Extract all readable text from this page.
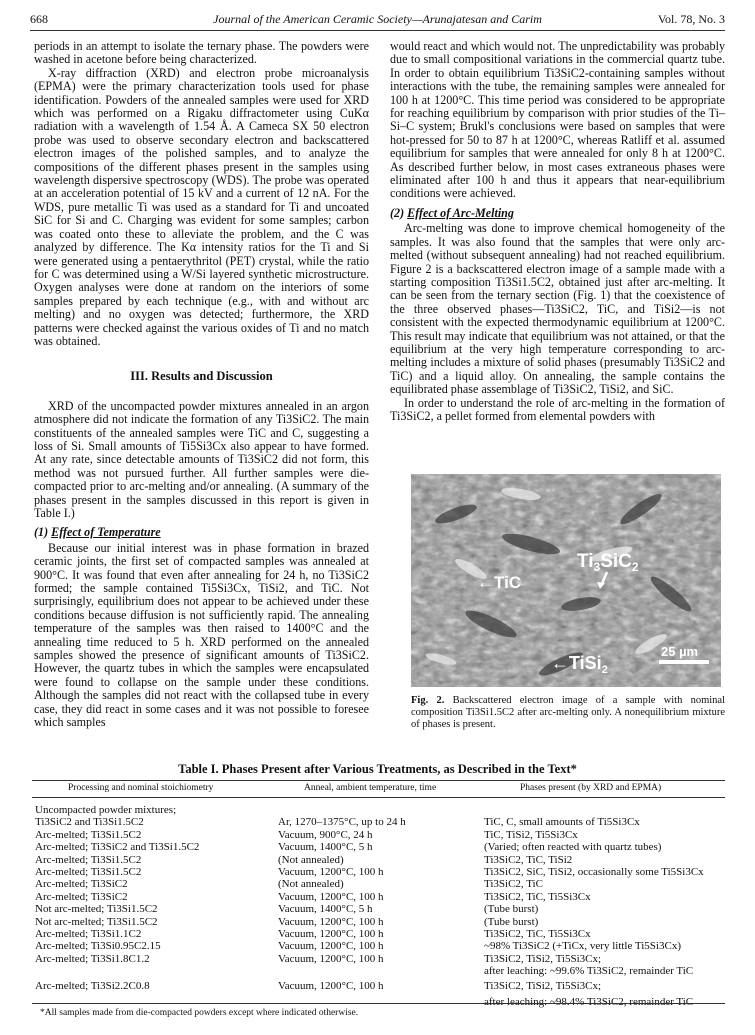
668	Journal of the American Ceramic Society—Arunajatesan and Carim	Vol. 78, No. 3

periods in an attempt to isolate the ternary phase. The powders were washed in acetone before being characterized.

X-ray diffraction (XRD) and electron probe microanalysis (EPMA) were the primary characterization tools used for phase identification. Powders of the annealed samples were used for XRD which was performed on a Rigaku diffractometer using CuKα radiation with a wavelength of 1.54 Å. A Cameca SX 50 electron probe was used to observe secondary electron and backscattered electron images of the polished samples, and to analyze the compositions of the different phases present in the samples using wavelength dispersive spectroscopy (WDS). The probe was operated at an acceleration potential of 15 kV and a current of 12 nA. For the WDS, pure metallic Ti was used as a standard for Ti and uncoated SiC for Si and C. Charging was evident for some samples; carbon was coated onto these to alleviate the problem, and the C was analyzed by difference. The Kα intensity ratios for the Ti and Si were generated using a pentaerythritol (PET) crystal, while the ratio for C was determined using a W/Si layered synthetic microstructure. Oxygen analyses were done at random on the interiors of some samples prepared by each technique (e.g., with and without arc melting) and no oxygen was detected; furthermore, the XRD patterns were checked against the various oxides of Ti and no match was obtained.

III. Results and Discussion

XRD of the uncompacted powder mixtures annealed in an argon atmosphere did not indicate the formation of any Ti3SiC2. The main constituents of the annealed samples were TiC and C, suggesting a loss of Si. Small amounts of Ti5Si3Cx also appear to have formed. At any rate, since detectable amounts of Ti3SiC2 did not form, this method was not pursued further. All further samples were die-compacted prior to arc-melting and/or annealing. (A summary of the phases present in the samples discussed in this report is given in Table I.)

(1) Effect of Temperature

Because our initial interest was in phase formation in brazed ceramic joints, the first set of compacted samples was annealed at 900°C. It was found that even after annealing for 24 h, no Ti3SiC2 formed; the sample contained Ti5Si3Cx, TiSi2, and TiC. Not surprisingly, equilibrium does not appear to be achieved under these conditions because diffusion is not sufficiently rapid. The annealing temperature of the samples was then raised to 1400°C and the annealing time reduced to 5 h. XRD performed on the annealed samples showed the presence of significant amounts of Ti3SiC2. However, the quartz tubes in which the samples were encapsulated were found to collapse on the sample under these conditions. Although the samples did not react with the collapsed tube in every case, they did react in some cases and it was not possible to foresee which samples

would react and which would not. The unpredictability was probably due to small compositional variations in the commercial quartz tube. In order to obtain equilibrium Ti3SiC2-containing samples without interactions with the tube, the remaining samples were annealed for 100 h at 1200°C. This time period was considered to be appropriate for reaching equilibrium by comparison with prior studies of the Ti–Si–C system; Brukl's conclusions were based on samples that were hot-pressed for 50 to 87 h at 1200°C, whereas Ratliff et al. assumed equilibrium for samples that were annealed for only 8 h at 1200°C. As described further below, in most cases extraneous phases were eliminated after 100 h and thus it appears that near-equilibrium conditions were achieved.

(2) Effect of Arc-Melting

Arc-melting was done to improve chemical homogeneity of the samples. It was also found that the samples that were only arc-melted (without subsequent annealing) had not reached equilibrium. Figure 2 is a backscattered electron image of a sample made with a starting composition Ti3Si1.5C2, obtained just after arc-melting. It can be seen from the ternary section (Fig. 1) that the coexistence of the three observed phases—Ti3SiC2, TiC, and TiSi2—is not consistent with the expected thermodynamic equilibrium at 1200°C. This result may indicate that equilibrium was not attained, or that the equilibrium at the very high temperature corresponding to arc-melting includes a mixture of solid phases (presumably Ti3SiC2 and TiC) and a liquid alloy. On annealing, the sample contains the equilibrated phase assemblage of Ti3SiC2, TiSi2, and SiC.

In order to understand the role of arc-melting in the formation of Ti3SiC2, a pellet formed from elemental powders with

$Ti_3SiC_2$
←TiC
←TiSi$_2$
25 µm
Fig. 2. Backscattered electron image of a sample with nominal composition Ti3Si1.5C2 after arc-melting only. A nonequilibrium mixture of phases is present.
Table I. Phases Present after Various Treatments, as Described in the Text*
Processing and nominal stoichiometry	Anneal, ambient temperature, time	Phases present (by XRD and EPMA)
Uncompacted powder mixtures;
Ti3SiC2 and Ti3Si1.5C2	Ar, 1270–1375°C, up to 24 h	TiC, C, small amounts of Ti5Si3Cx
Arc-melted; Ti3Si1.5C2	Vacuum, 900°C, 24 h	TiC, TiSi2, Ti5Si3Cx
Arc-melted; Ti3SiC2 and Ti3Si1.5C2	Vacuum, 1400°C, 5 h	(Varied; often reacted with quartz tubes)
Arc-melted; Ti3Si1.5C2	(Not annealed)	Ti3SiC2, TiC, TiSi2
Arc-melted; Ti3Si1.5C2	Vacuum, 1200°C, 100 h	Ti3SiC2, SiC, TiSi2, occasionally some Ti5Si3Cx
Arc-melted; Ti3SiC2	(Not annealed)	Ti3SiC2, TiC
Arc-melted; Ti3SiC2	Vacuum, 1200°C, 100 h	Ti3SiC2, TiC, Ti5Si3Cx
Not arc-melted; Ti3Si1.5C2	Vacuum, 1400°C, 5 h	(Tube burst)
Not arc-melted; Ti3Si1.5C2	Vacuum, 1200°C, 100 h	(Tube burst)
Arc-melted; Ti3Si1.1C2	Vacuum, 1200°C, 100 h	Ti3SiC2, TiC, Ti5Si3Cx
Arc-melted; Ti3Si0.95C2.15	Vacuum, 1200°C, 100 h	~98% Ti3SiC2 (+TiCx, very little Ti5Si3Cx)
Arc-melted; Ti3Si1.8C1.2	Vacuum, 1200°C, 100 h	Ti3SiC2, TiSi2, Ti5Si3Cx;
after leaching: ~99.6% Ti3SiC2, remainder TiC
Arc-melted; Ti3Si2.2C0.8	Vacuum, 1200°C, 100 h	Ti3SiC2, TiSi2, Ti5Si3Cx;
after leaching: ~98.4% Ti3SiC2, remainder TiC
*All samples made from die-compacted powders except where indicated otherwise.
